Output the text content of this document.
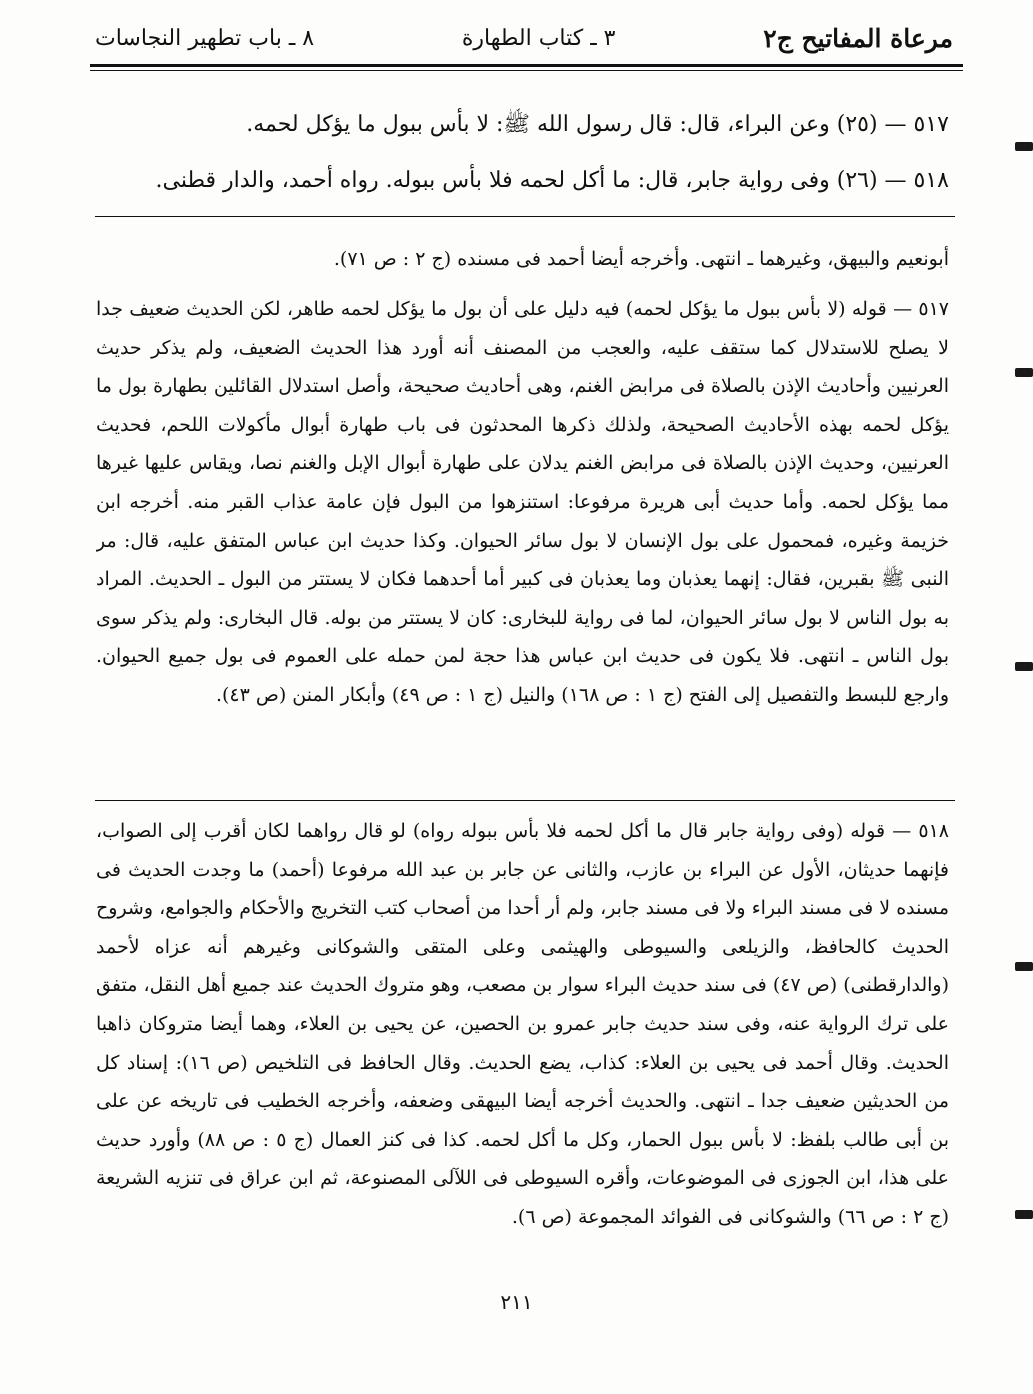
مرعاة المفاتيح ج٢
٣ ـ كتاب الطهارة
٨ ـ باب تطهير النجاسات
٥١٧ — (٢٥) وعن البراء، قال: قال رسول الله ﷺ: لا بأس ببول ما يؤكل لحمه.
٥١٨ — (٢٦) وفى رواية جابر، قال: ما أكل لحمه فلا بأس ببوله. رواه أحمد، والدار قطنى.

أبونعيم والبيهق، وغيرهما ـ انتهى. وأخرجه أيضا أحمد فى مسنده (ج ٢ : ص ٧١).

٥١٧ — قوله (لا بأس ببول ما يؤكل لحمه) فيه دليل على أن بول ما يؤكل لحمه طاهر، لكن الحديث ضعيف جدا لا يصلح للاستدلال كما ستقف عليه، والعجب من المصنف أنه أورد هذا الحديث الضعيف، ولم يذكر حديث العرنيين وأحاديث الإذن بالصلاة فى مرابض الغنم، وهى أحاديث صحيحة، وأصل استدلال القائلين بطهارة بول ما يؤكل لحمه بهذه الأحاديث الصحيحة، ولذلك ذكرها المحدثون فى باب طهارة أبوال مأكولات اللحم، فحديث العرنيين، وحديث الإذن بالصلاة فى مرابض الغنم يدلان على طهارة أبوال الإبل والغنم نصا، ويقاس عليها غيرها مما يؤكل لحمه. وأما حديث أبى هريرة مرفوعا: استنزهوا من البول فإن عامة عذاب القبر منه. أخرجه ابن خزيمة وغيره، فمحمول على بول الإنسان لا بول سائر الحيوان. وكذا حديث ابن عباس المتفق عليه، قال: مر النبى ﷺ بقبرين، فقال: إنهما يعذبان وما يعذبان فى كبير أما أحدهما فكان لا يستتر من البول ـ الحديث. المراد به بول الناس لا بول سائر الحيوان، لما فى رواية للبخارى: كان لا يستتر من بوله. قال البخارى: ولم يذكر سوى بول الناس ـ انتهى. فلا يكون فى حديث ابن عباس هذا حجة لمن حمله على العموم فى بول جميع الحيوان. وارجع للبسط والتفصيل إلى الفتح (ج ١ : ص ١٦٨) والنيل (ج ١ : ص ٤٩) وأبكار المنن (ص ٤٣).

٥١٨ — قوله (وفى رواية جابر قال ما أكل لحمه فلا بأس ببوله رواه) لو قال رواهما لكان أقرب إلى الصواب، فإنهما حديثان، الأول عن البراء بن عازب، والثانى عن جابر بن عبد الله مرفوعا (أحمد) ما وجدت الحديث فى مسنده لا فى مسند البراء ولا فى مسند جابر، ولم أر أحدا من أصحاب كتب التخريج والأحكام والجوامع، وشروح الحديث كالحافظ، والزيلعى والسيوطى والهيثمى وعلى المتقى والشوكانى وغيرهم أنه عزاه لأحمد (والدارقطنى) (ص ٤٧) فى سند حديث البراء سوار بن مصعب، وهو متروك الحديث عند جميع أهل النقل، متفق على ترك الرواية عنه، وفى سند حديث جابر عمرو بن الحصين، عن يحيى بن العلاء، وهما أيضا متروكان ذاهبا الحديث. وقال أحمد فى يحيى بن العلاء: كذاب، يضع الحديث. وقال الحافظ فى التلخيص (ص ١٦): إسناد كل من الحديثين ضعيف جدا ـ انتهى. والحديث أخرجه أيضا البيهقى وضعفه، وأخرجه الخطيب فى تاريخه عن على بن أبى طالب بلفظ: لا بأس ببول الحمار، وكل ما أكل لحمه. كذا فى كنز العمال (ج ٥ : ص ٨٨) وأورد حديث على هذا، ابن الجوزى فى الموضوعات، وأقره السيوطى فى اللآلى المصنوعة، ثم ابن عراق فى تنزيه الشريعة (ج ٢ : ص ٦٦) والشوكانى فى الفوائد المجموعة (ص ٦).

٢١١
